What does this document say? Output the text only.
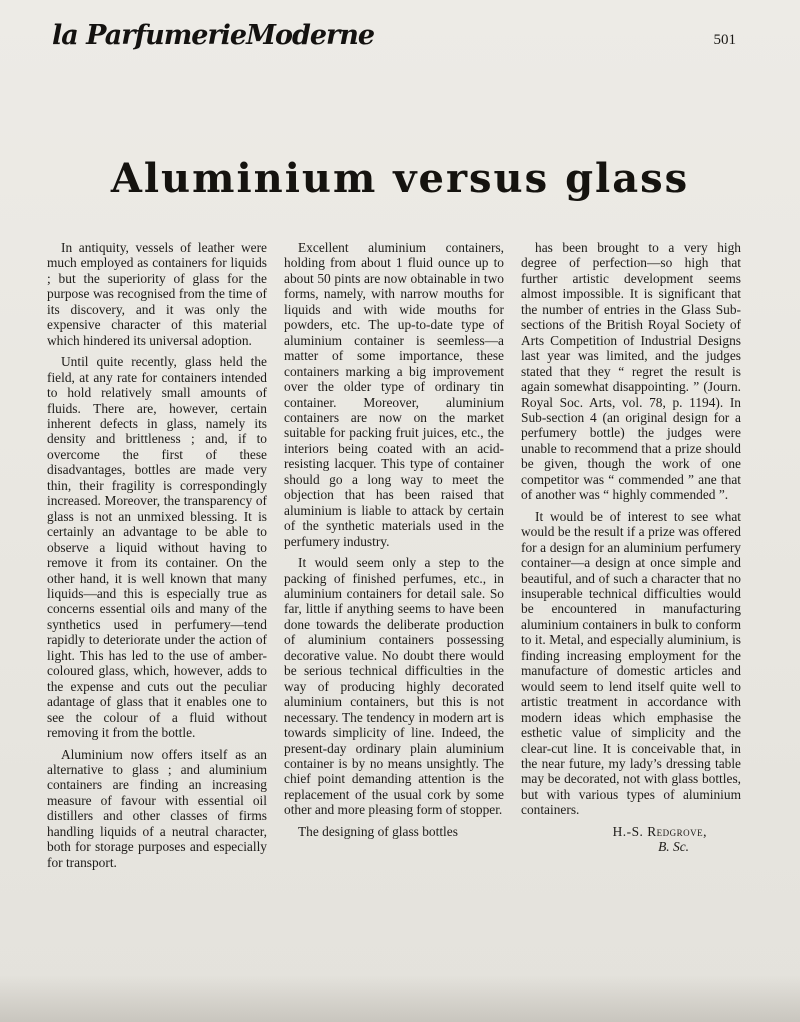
la ParfumerieModerne	501
Aluminium versus glass

In antiquity, vessels of leather were much employed as containers for liquids ; but the superiority of glass for the purpose was recognised from the time of its discovery, and it was only the expensive character of this material which hindered its universal adoption.

Until quite recently, glass held the field, at any rate for containers intended to hold relatively small amounts of fluids. There are, however, certain inherent defects in glass, namely its density and brittleness ; and, if to overcome the first of these disadvantages, bottles are made very thin, their fragility is correspondingly increased. Moreover, the transparency of glass is not an unmixed blessing. It is certainly an advantage to be able to observe a liquid without having to remove it from its container. On the other hand, it is well known that many liquids—and this is especially true as concerns essential oils and many of the synthetics used in perfumery—tend rapidly to deteriorate under the action of light. This has led to the use of amber-coloured glass, which, however, adds to the expense and cuts out the peculiar adantage of glass that it enables one to see the colour of a fluid without removing it from the bottle.

Aluminium now offers itself as an alternative to glass ; and aluminium containers are finding an increasing measure of favour with essential oil distillers and other classes of firms handling liquids of a neutral character, both for storage purposes and especially for transport.

Excellent aluminium containers, holding from about 1 fluid ounce up to about 50 pints are now obtainable in two forms, namely, with narrow mouths for liquids and with wide mouths for powders, etc. The up-to-date type of aluminium container is seemless—a matter of some importance, these containers marking a big improvement over the older type of ordinary tin container. Moreover, aluminium containers are now on the market suitable for packing fruit juices, etc., the interiors being coated with an acid-resisting lacquer. This type of container should go a long way to meet the objection that has been raised that aluminium is liable to attack by certain of the synthetic materials used in the perfumery industry.

It would seem only a step to the packing of finished perfumes, etc., in aluminium containers for detail sale. So far, little if anything seems to have been done towards the deliberate production of aluminium containers possessing decorative value. No doubt there would be serious technical difficulties in the way of producing highly decorated aluminium containers, but this is not necessary. The tendency in modern art is towards simplicity of line. Indeed, the present-day ordinary plain aluminium container is by no means unsightly. The chief point demanding attention is the replacement of the usual cork by some other and more pleasing form of stopper.

The designing of glass bottles

has been brought to a very high degree of perfection—so high that further artistic development seems almost impossible. It is significant that the number of entries in the Glass Sub-sections of the British Royal Society of Arts Competition of Industrial Designs last year was limited, and the judges stated that they “ regret the result is again somewhat disappointing. ” (Journ. Royal Soc. Arts, vol. 78, p. 1194). In Sub-section 4 (an original design for a perfumery bottle) the judges were unable to recommend that a prize should be given, though the work of one competitor was “ commended ” ane that of another was “ highly commended ”.

It would be of interest to see what would be the result if a prize was offered for a design for an aluminium perfumery container—a design at once simple and beautiful, and of such a character that no insuperable technical difficulties would be encountered in manufacturing aluminium containers in bulk to conform to it. Metal, and especially aluminium, is finding increasing employment for the manufacture of domestic articles and would seem to lend itself quite well to artistic treatment in accordance with modern ideas which emphasise the esthetic value of simplicity and the clear-cut line. It is conceivable that, in the near future, my lady’s dressing table may be decorated, not with glass bottles, but with various types of aluminium containers.

H.-S. Redgrove,
B. Sc.
